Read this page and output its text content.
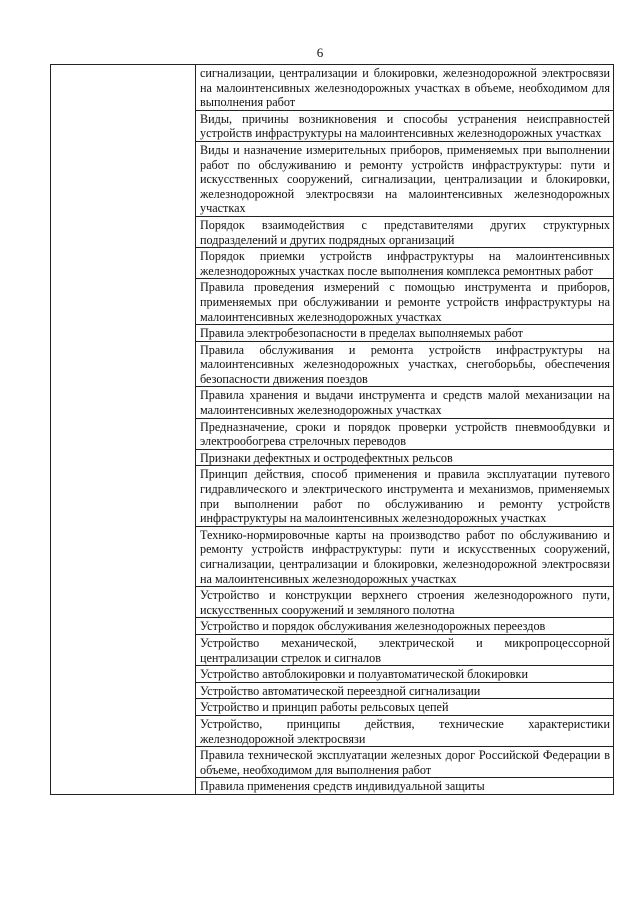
6
	сигнализации, централизации и блокировки, железнодорожной электросвязи на малоинтенсивных железнодорожных участках в объеме, необходимом для выполнения работ
Виды, причины возникновения и способы устранения неисправностей устройств инфраструктуры на малоинтенсивных железнодорожных участках
Виды и назначение измерительных приборов, применяемых при выполнении работ по обслуживанию и ремонту устройств инфраструктуры: пути и искусственных сооружений, сигнализации, централизации и блокировки, железнодорожной электросвязи на малоинтенсивных железнодорожных участках
Порядок взаимодействия с представителями других структурных подразделений и других подрядных организаций
Порядок приемки устройств инфраструктуры на малоинтенсивных железнодорожных участках после выполнения комплекса ремонтных работ
Правила проведения измерений с помощью инструмента и приборов, применяемых при обслуживании и ремонте устройств инфраструктуры на малоинтенсивных железнодорожных участках
Правила электробезопасности в пределах выполняемых работ
Правила обслуживания и ремонта устройств инфраструктуры на малоинтенсивных железнодорожных участках, снегоборьбы, обеспечения безопасности движения поездов
Правила хранения и выдачи инструмента и средств малой механизации на малоинтенсивных железнодорожных участках
Предназначение, сроки и порядок проверки устройств пневмообдувки и электрообогрева стрелочных переводов
Признаки дефектных и остродефектных рельсов
Принцип действия, способ применения и правила эксплуатации путевого гидравлического и электрического инструмента и механизмов, применяемых при выполнении работ по обслуживанию и ремонту устройств инфраструктуры на малоинтенсивных железнодорожных участках
Технико-нормировочные карты на производство работ по обслуживанию и ремонту устройств инфраструктуры: пути и искусственных сооружений, сигнализации, централизации и блокировки, железнодорожной электросвязи на малоинтенсивных железнодорожных участках
Устройство и конструкции верхнего строения железнодорожного пути, искусственных сооружений и земляного полотна
Устройство и порядок обслуживания железнодорожных переездов
Устройство механической, электрической и микропроцессорной централизации стрелок и сигналов
Устройство автоблокировки и полуавтоматической блокировки
Устройство автоматической переездной сигнализации
Устройство и принцип работы рельсовых цепей
Устройство, принципы действия, технические характеристики железнодорожной электросвязи
Правила технической эксплуатации железных дорог Российской Федерации в объеме, необходимом для выполнения работ
Правила применения средств индивидуальной защиты
